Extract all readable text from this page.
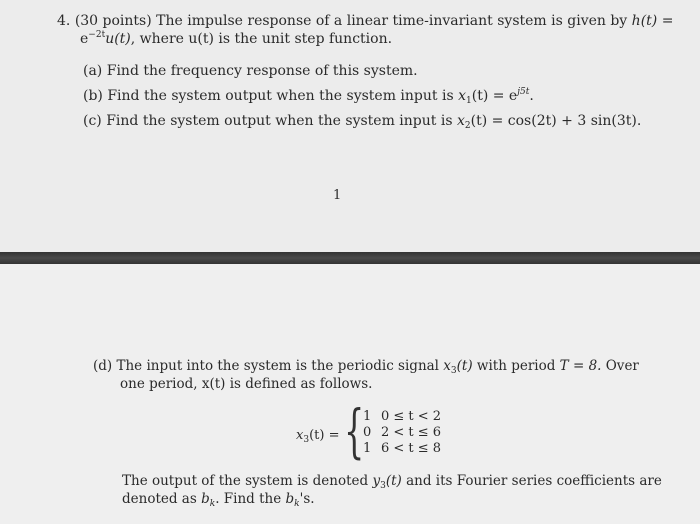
4. (30 points) The impulse response of a linear time-invariant system is given by h(t) =
$e^{-2t}u(t)$, where u(t) is the unit step function.
(a) Find the frequency response of this system.
(b) Find the system output when the system input is $x_1(t) = e^{j5t}$.
(c) Find the system output when the system input is $x_2(t) = \cos(2t) + 3$ sin(3t).
1
(d) The input into the system is the periodic signal $x_3(t)$ with period T = 8. Over
one period, x(t) is defined as follows.
$x_3(t)$ = {
1 0 ≤ t < 2
0 2 < t ≤ 6
1 6 < t ≤ 8
The output of the system is denoted $y_3(t)$ and its Fourier series coefficients are
denoted as $b_k$. Find the $b_k's$.
